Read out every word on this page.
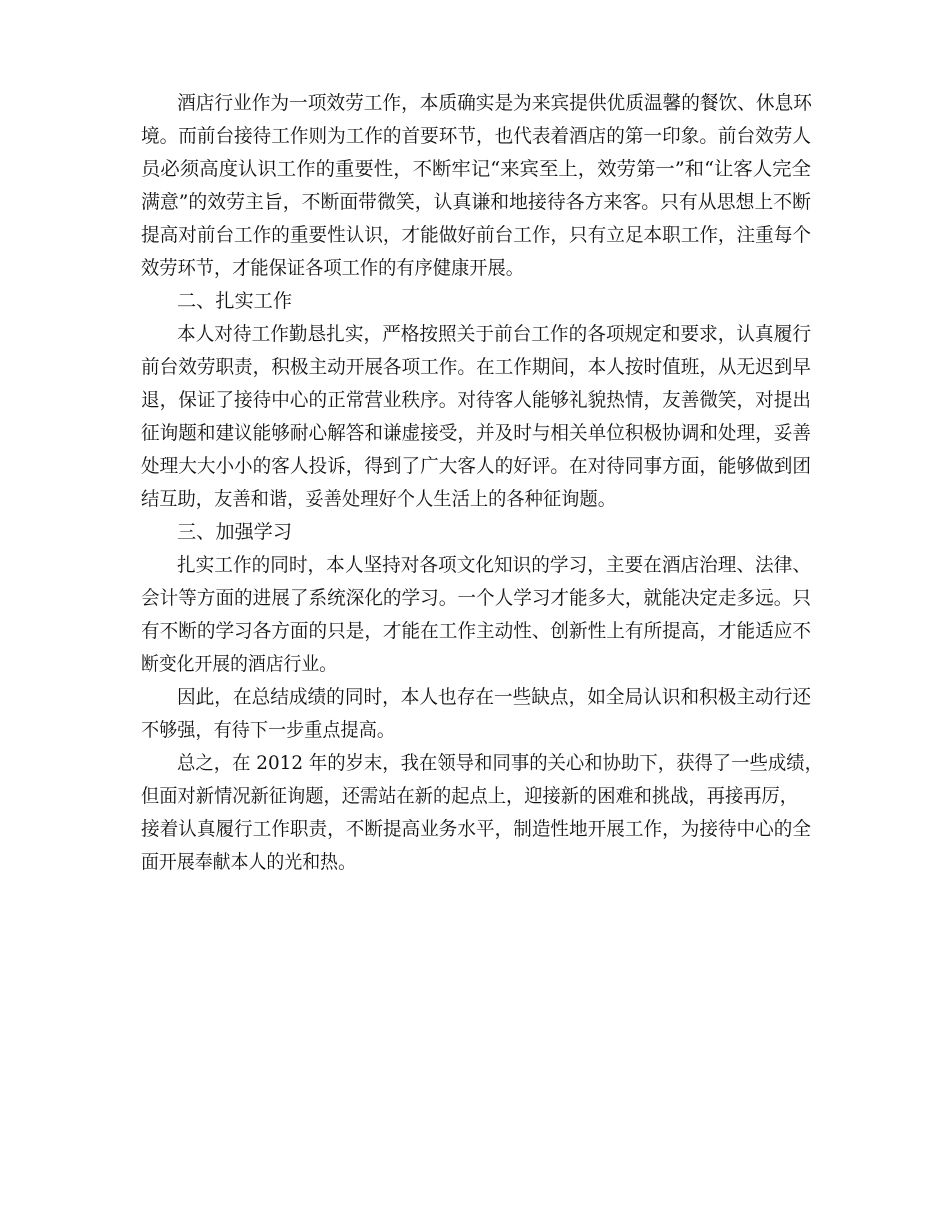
酒店行业作为一项效劳工作，本质确实是为来宾提供优质温馨的餐饮、休息环
境。而前台接待工作则为工作的首要环节，也代表着酒店的第一印象。前台效劳人
员必须高度认识工作的重要性，不断牢记“来宾至上，效劳第一”和“让客人完全
满意”的效劳主旨，不断面带微笑，认真谦和地接待各方来客。只有从思想上不断
提高对前台工作的重要性认识，才能做好前台工作，只有立足本职工作，注重每个
效劳环节，才能保证各项工作的有序健康开展。
二、扎实工作
本人对待工作勤恳扎实，严格按照关于前台工作的各项规定和要求，认真履行
前台效劳职责，积极主动开展各项工作。在工作期间，本人按时值班，从无迟到早
退，保证了接待中心的正常营业秩序。对待客人能够礼貌热情，友善微笑，对提出
征询题和建议能够耐心解答和谦虚接受，并及时与相关单位积极协调和处理，妥善
处理大大小小的客人投诉，得到了广大客人的好评。在对待同事方面，能够做到团
结互助，友善和谐，妥善处理好个人生活上的各种征询题。
三、加强学习
扎实工作的同时，本人坚持对各项文化知识的学习，主要在酒店治理、法律、
会计等方面的进展了系统深化的学习。一个人学习才能多大，就能决定走多远。只
有不断的学习各方面的只是，才能在工作主动性、创新性上有所提高，才能适应不
断变化开展的酒店行业。
因此，在总结成绩的同时，本人也存在一些缺点，如全局认识和积极主动行还
不够强，有待下一步重点提高。
总之，在 2012 年的岁末，我在领导和同事的关心和协助下，获得了一些成绩，
但面对新情况新征询题，还需站在新的起点上，迎接新的困难和挑战，再接再厉，
接着认真履行工作职责，不断提高业务水平，制造性地开展工作，为接待中心的全
面开展奉献本人的光和热。
